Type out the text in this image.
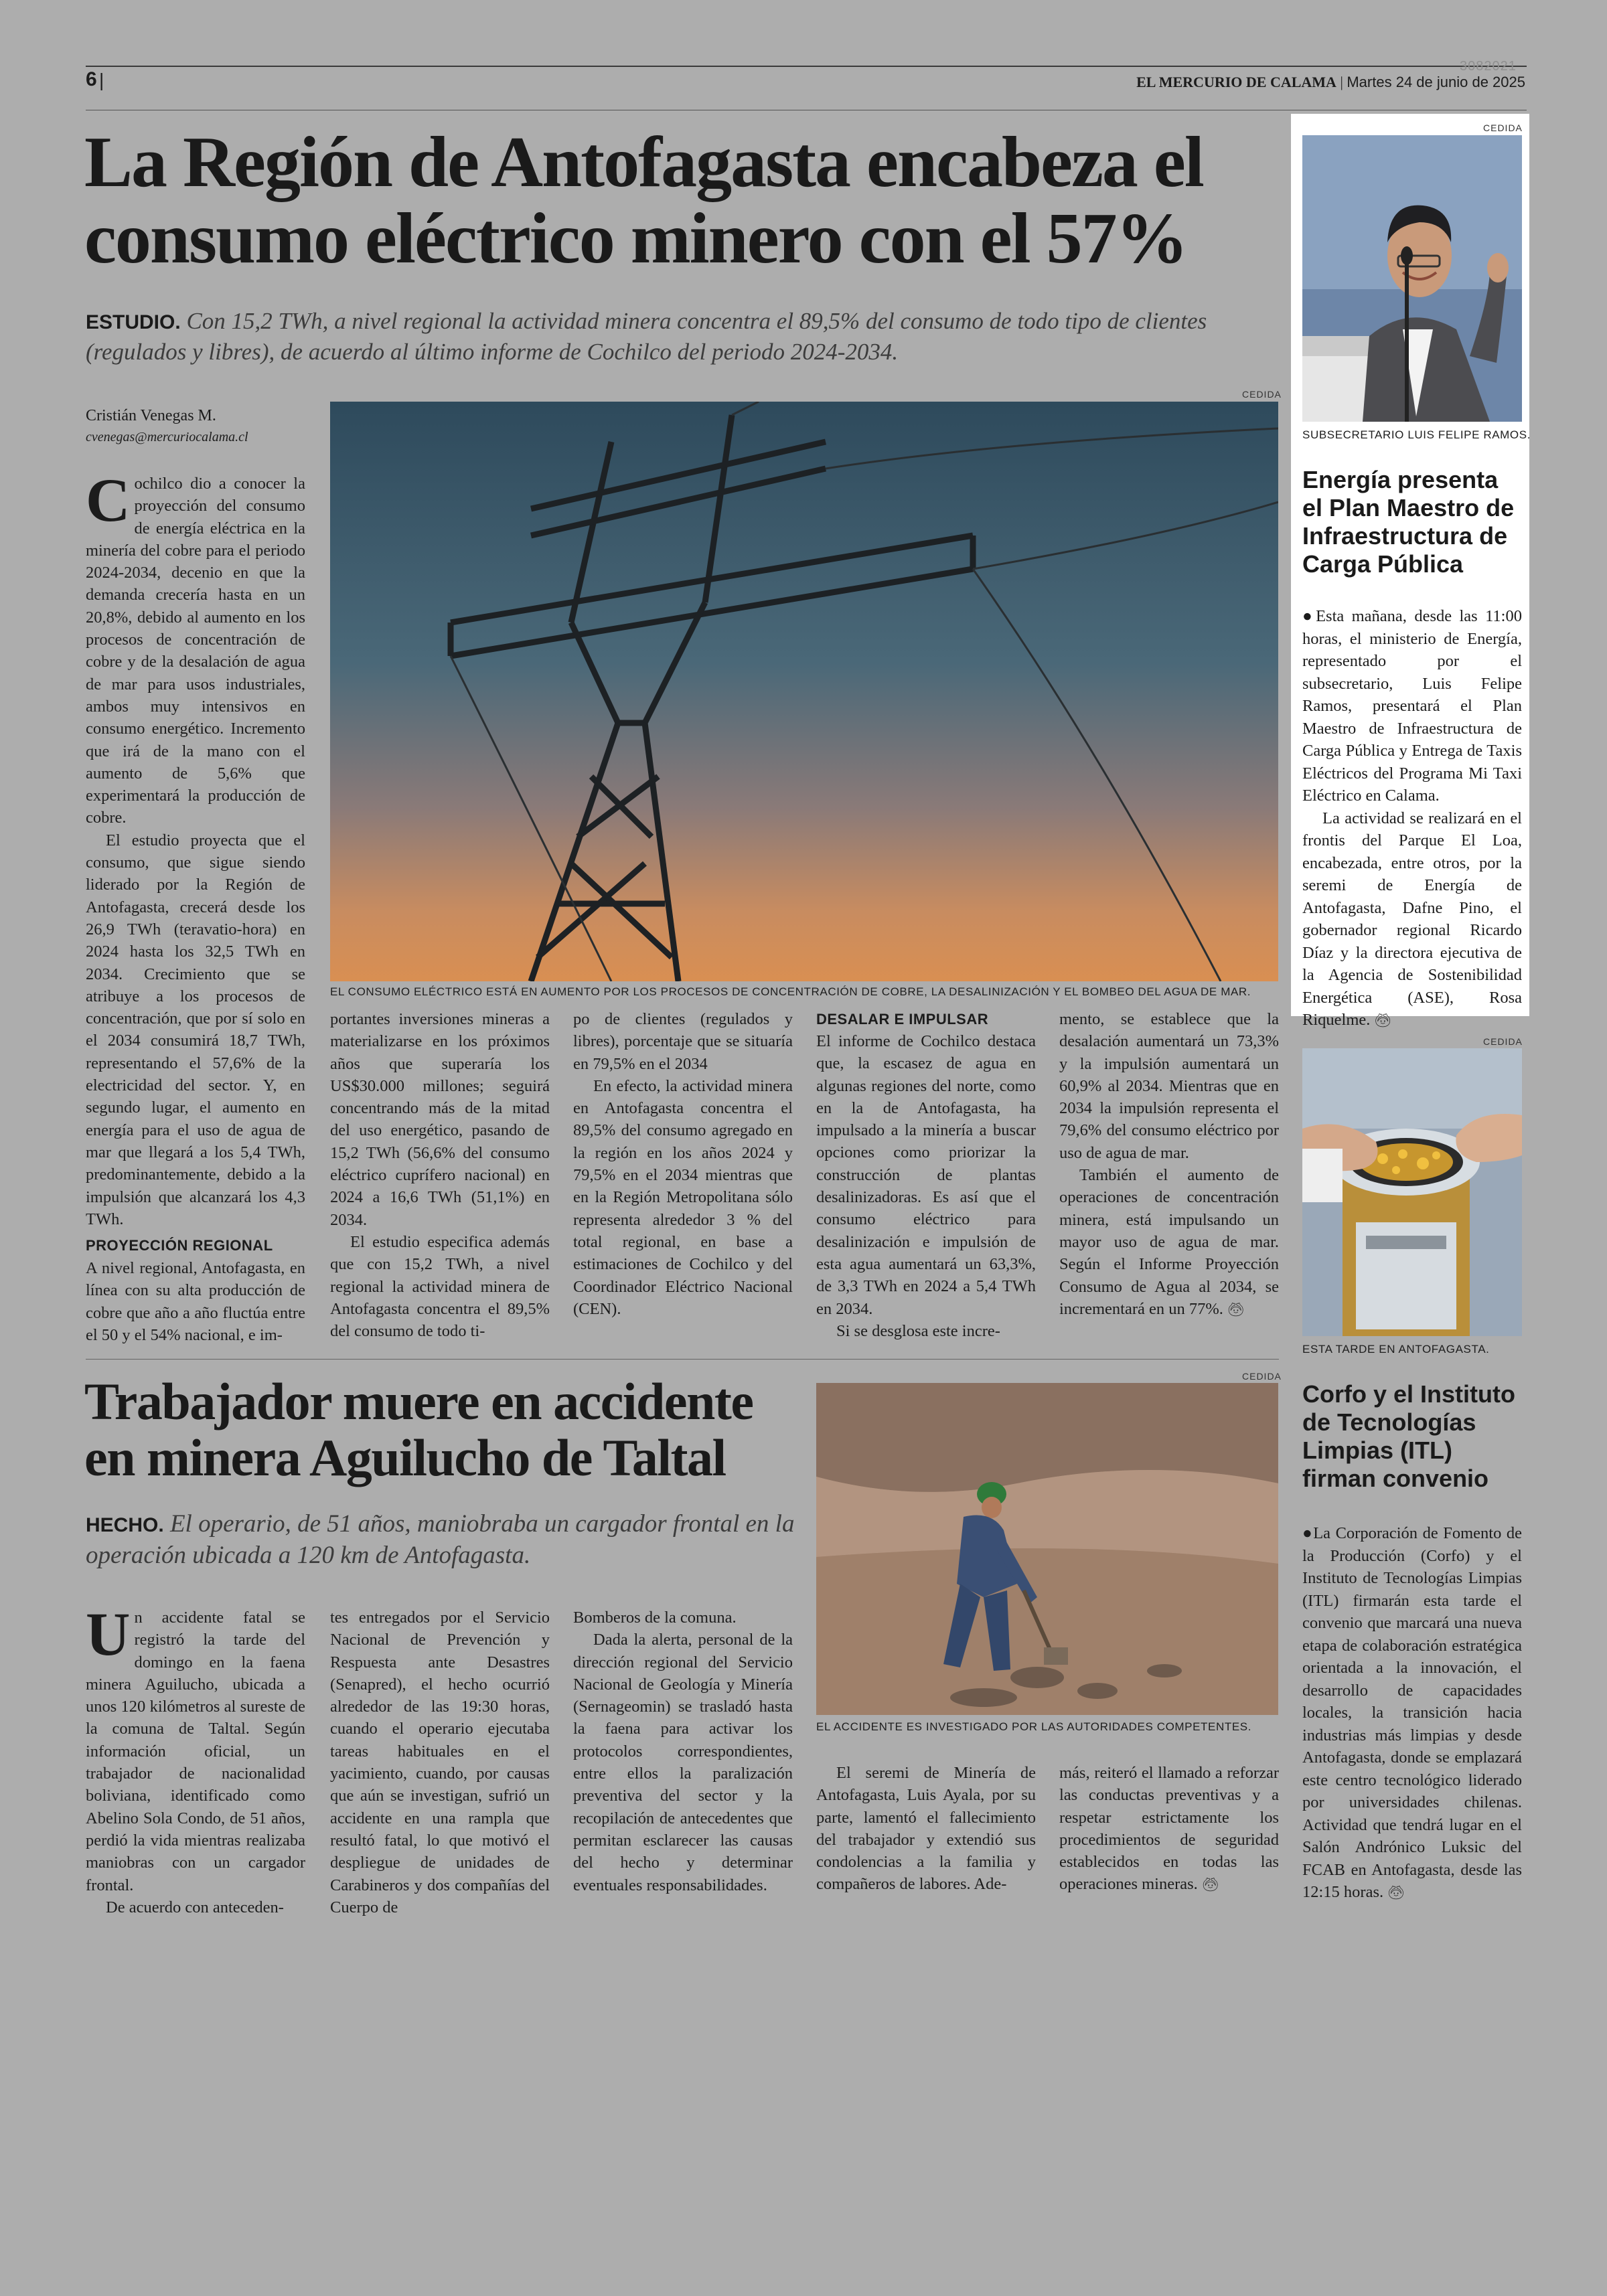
6 |
3082021
EL MERCURIO DE CALAMA | Martes 24 de junio de 2025
La Región de Antofagasta encabeza el
consumo eléctrico minero con el 57%
ESTUDIO. Con 15,2 TWh, a nivel regional la actividad minera concentra el 89,5% del consumo de todo tipo de clientes (regulados y libres), de acuerdo al último informe de Cochilco del periodo 2024-2034.
Cristián Venegas M.
cvenegas@mercuriocalama.cl
CEDIDA
EL CONSUMO ELÉCTRICO ESTÁ EN AUMENTO POR LOS PROCESOS DE CONCENTRACIÓN DE COBRE, LA DESALINIZACIÓN Y EL BOMBEO DEL AGUA DE MAR.
C ochilco dio a conocer la proyección del consumo de energía eléctrica en la minería del cobre para el periodo 2024-2034, decenio en que la demanda crecería hasta en un 20,8%, debido al aumento en los procesos de concentración de cobre y de la desalación de agua de mar para usos industriales, ambos muy intensivos en consumo energético. Incremento que irá de la mano con el aumento de 5,6% que experimentará la producción de cobre.

El estudio proyecta que el consumo, que sigue siendo liderado por la Región de Antofagasta, crecerá desde los 26,9 TWh (teravatio-hora) en 2024 hasta los 32,5 TWh en 2034. Crecimiento que se atribuye a los procesos de concentración, que por sí solo en el 2034 consumirá 18,7 TWh, representando el 57,6% de la electricidad del sector. Y, en segundo lugar, el aumento en energía para el uso de agua de mar que llegará a los 5,4 TWh, predominantemente, debido a la impulsión que alcanzará los 4,3 TWh.

PROYECCIÓN REGIONAL

A nivel regional, Antofagasta, en línea con su alta producción de cobre que año a año fluctúa entre el 50 y el 54% nacional, e im-

portantes inversiones mineras a materializarse en los próximos años que superaría los US$30.000 millones; seguirá concentrando más de la mitad del uso energético, pasando de 15,2 TWh (56,6% del consumo eléctrico cuprífero nacional) en 2024 a 16,6 TWh (51,1%) en 2034.

El estudio especifica además que con 15,2 TWh, a nivel regional la actividad minera de Antofagasta concentra el 89,5% del consumo de todo ti-

po de clientes (regulados y libres), porcentaje que se situaría en 79,5% en el 2034

En efecto, la actividad minera en Antofagasta concentra el 89,5% del consumo agregado en la región en los años 2024 y 79,5% en el 2034 mientras que en la Región Metropolitana sólo representa alrededor 3 % del total regional, en base a estimaciones de Cochilco y del Coordinador Eléctrico Nacional (CEN).

DESALAR E IMPULSAR

El informe de Cochilco destaca que, la escasez de agua en algunas regiones del norte, como en la de Antofagasta, ha impulsado a la minería a buscar opciones como priorizar la construcción de plantas desalinizadoras. Es así que el consumo eléctrico para desalinización e impulsión de esta agua aumentará un 63,3%, de 3,3 TWh en 2024 a 5,4 TWh en 2034.

Si se desglosa este incre-

mento, se establece que la desalación aumentará un 73,3% y la impulsión aumentará un 60,9% al 2034. Mientras que en 2034 la impulsión representa el 79,6% del consumo eléctrico por uso de agua de mar.

También el aumento de operaciones de concentración minera, está impulsando un mayor uso de agua de mar. Según el Informe Proyección Consumo de Agua al 2034, se incrementará en un 77%. 🙆︎

CEDIDA
SUBSECRETARIO LUIS FELIPE RAMOS.
Energía presenta el Plan Maestro de Infraestructura de Carga Pública

●Esta mañana, desde las 11:00 horas, el ministerio de Energía, representado por el subsecretario, Luis Felipe Ramos, presentará el Plan Maestro de Infraestructura de Carga Pública y Entrega de Taxis Eléctricos del Programa Mi Taxi Eléctrico en Calama.

La actividad se realizará en el frontis del Parque El Loa, encabezada, entre otros, por la seremi de Energía de Antofagasta, Dafne Pino, el gobernador regional Ricardo Díaz y la directora ejecutiva de la Agencia de Sostenibilidad Energética (ASE), Rosa Riquelme. 🙆︎

CEDIDA
ESTA TARDE EN ANTOFAGASTA.
Corfo y el Instituto de Tecnologías Limpias (ITL) firman convenio

●La Corporación de Fomento de la Producción (Corfo) y el Instituto de Tecnologías Limpias (ITL) firmarán esta tarde el convenio que marcará una nueva etapa de colaboración estratégica orientada a la innovación, el desarrollo de capacidades locales, la transición hacia industrias más limpias y desde Antofagasta, donde se emplazará este centro tecnológico liderado por universidades chilenas. Actividad que tendrá lugar en el Salón Andrónico Luksic del FCAB en Antofagasta, desde las 12:15 horas. 🙆︎

Trabajador muere en accidente
en minera Aguilucho de Taltal
HECHO. El operario, de 51 años, maniobraba un cargador frontal en la operación ubicada a 120 km de Antofagasta.
CEDIDA
EL ACCIDENTE ES INVESTIGADO POR LAS AUTORIDADES COMPETENTES.
U n accidente fatal se registró la tarde del domingo en la faena minera Aguilucho, ubicada a unos 120 kilómetros al sureste de la comuna de Taltal. Según información oficial, un trabajador de nacionalidad boliviana, identificado como Abelino Sola Condo, de 51 años, perdió la vida mientras realizaba maniobras con un cargador frontal.

De acuerdo con anteceden-

tes entregados por el Servicio Nacional de Prevención y Respuesta ante Desastres (Senapred), el hecho ocurrió alrededor de las 19:30 horas, cuando el operario ejecutaba tareas habituales en el yacimiento, cuando, por causas que aún se investigan, sufrió un accidente en una rampla que resultó fatal, lo que motivó el despliegue de unidades de Carabineros y dos compañías del Cuerpo de

Bomberos de la comuna.

Dada la alerta, personal de la dirección regional del Servicio Nacional de Geología y Minería (Sernageomin) se trasladó hasta la faena para activar los protocolos correspondientes, entre ellos la paralización preventiva del sector y la recopilación de antecedentes que permitan esclarecer las causas del hecho y determinar eventuales responsabilidades.

El seremi de Minería de Antofagasta, Luis Ayala, por su parte, lamentó el fallecimiento del trabajador y extendió sus condolencias a la familia y compañeros de labores. Ade-

más, reiteró el llamado a reforzar las conductas preventivas y a respetar estrictamente los procedimientos de seguridad establecidos en todas las operaciones mineras. 🙆︎
